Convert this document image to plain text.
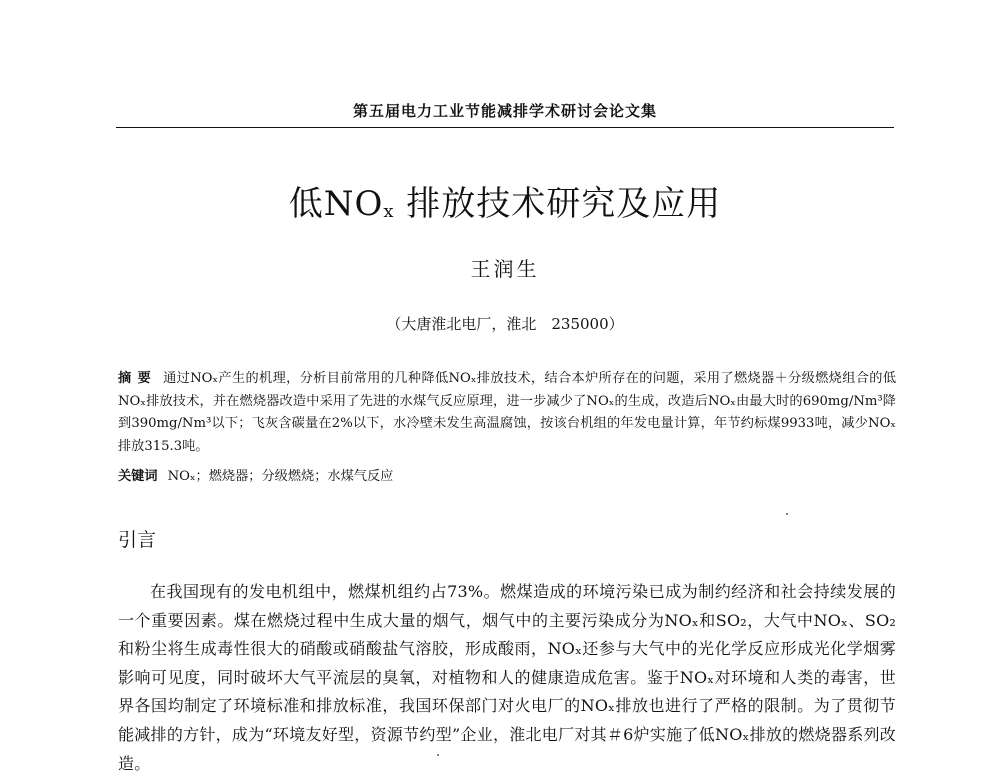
第五届电力工业节能减排学术研讨会论文集
低$NO_x$ 排放技术研究及应用
王润生
（大唐淮北电厂，淮北　235000）
摘要 通过NOₓ产生的机理，分析目前常用的几种降低NOₓ排放技术，结合本炉所存在的问题，采用了燃烧器＋分级燃烧组合的低NOₓ排放技术，并在燃烧器改造中采用了先进的水煤气反应原理，进一步减少了NOₓ的生成，改造后NOₓ由最大时的690mg/Nm³降到390mg/Nm³以下；飞灰含碳量在2%以下，水冷壁未发生高温腐蚀，按该台机组的年发电量计算，年节约标煤9933吨，减少NOₓ排放315.3吨。
关键词 NOₓ；燃烧器；分级燃烧；水煤气反应
引言
在我国现有的发电机组中，燃煤机组约占73%。燃煤造成的环境污染已成为制约经济和社会持续发展的一个重要因素。煤在燃烧过程中生成大量的烟气，烟气中的主要污染成分为NOₓ和SO₂，大气中NOₓ、SO₂和粉尘将生成毒性很大的硝酸或硝酸盐气溶胶，形成酸雨，NOₓ还参与大气中的光化学反应形成光化学烟雾影响可见度，同时破坏大气平流层的臭氧，对植物和人的健康造成危害。鉴于NOₓ对环境和人类的毒害，世界各国均制定了环境标准和排放标准，我国环保部门对火电厂的NOₓ排放也进行了严格的限制。为了贯彻节能减排的方针，成为“环境友好型，资源节约型”企业，淮北电厂对其＃6炉实施了低NOₓ排放的燃烧器系列改造。
